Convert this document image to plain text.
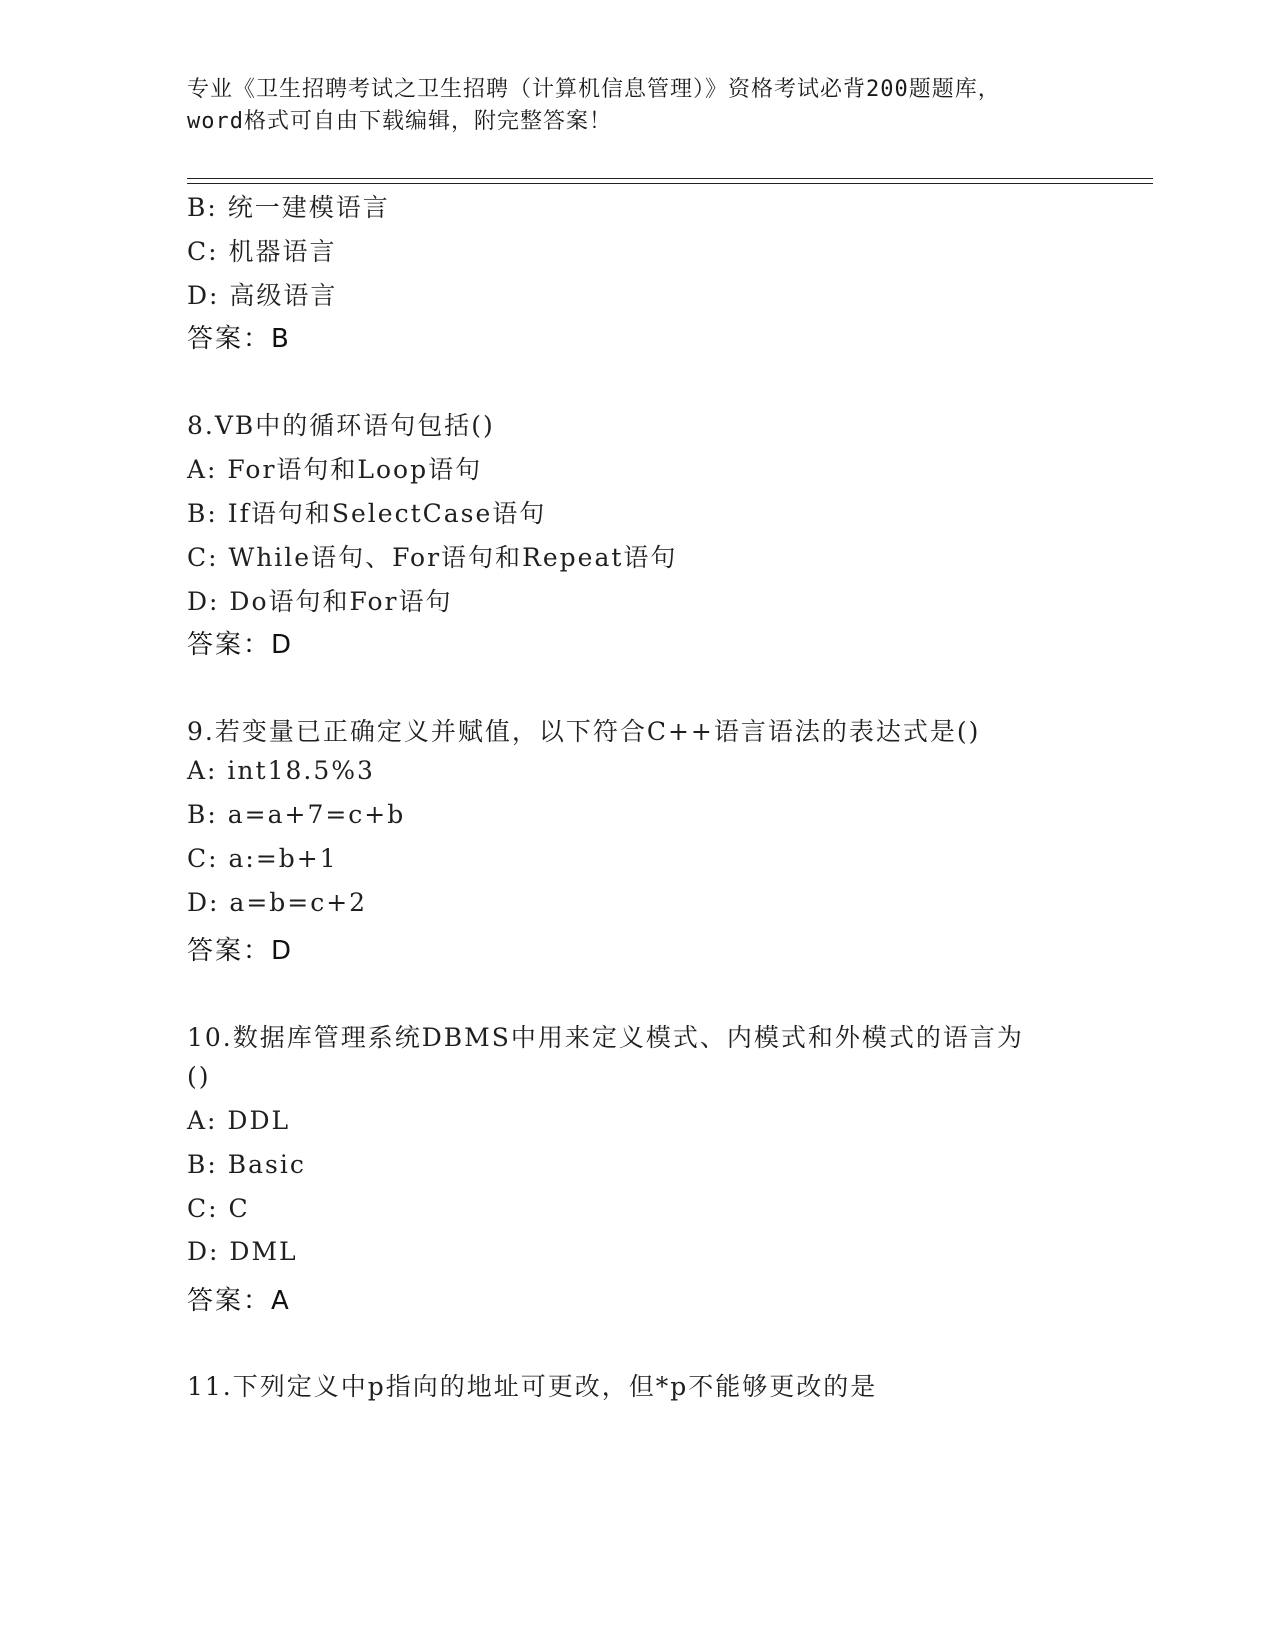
专业《卫生招聘考试之卫生招聘（计算机信息管理）》资格考试必背200题题库，
word格式可自由下载编辑，附完整答案！
B: 统一建模语言
C: 机器语言
D: 高级语言
答案：B
8.VB中的循环语句包括()
A: For语句和Loop语句
B: If语句和SelectCase语句
C: While语句、For语句和Repeat语句
D: Do语句和For语句
答案：D
9.若变量已正确定义并赋值，以下符合C++语言语法的表达式是()
A: int18.5%3
B: a=a+7=c+b
C: a:=b+1
D: a=b=c+2
答案：D
10.数据库管理系统DBMS中用来定义模式、内模式和外模式的语言为
()
A: DDL
B: Basic
C: C
D: DML
答案：A
11.下列定义中p指向的地址可更改，但*p不能够更改的是
